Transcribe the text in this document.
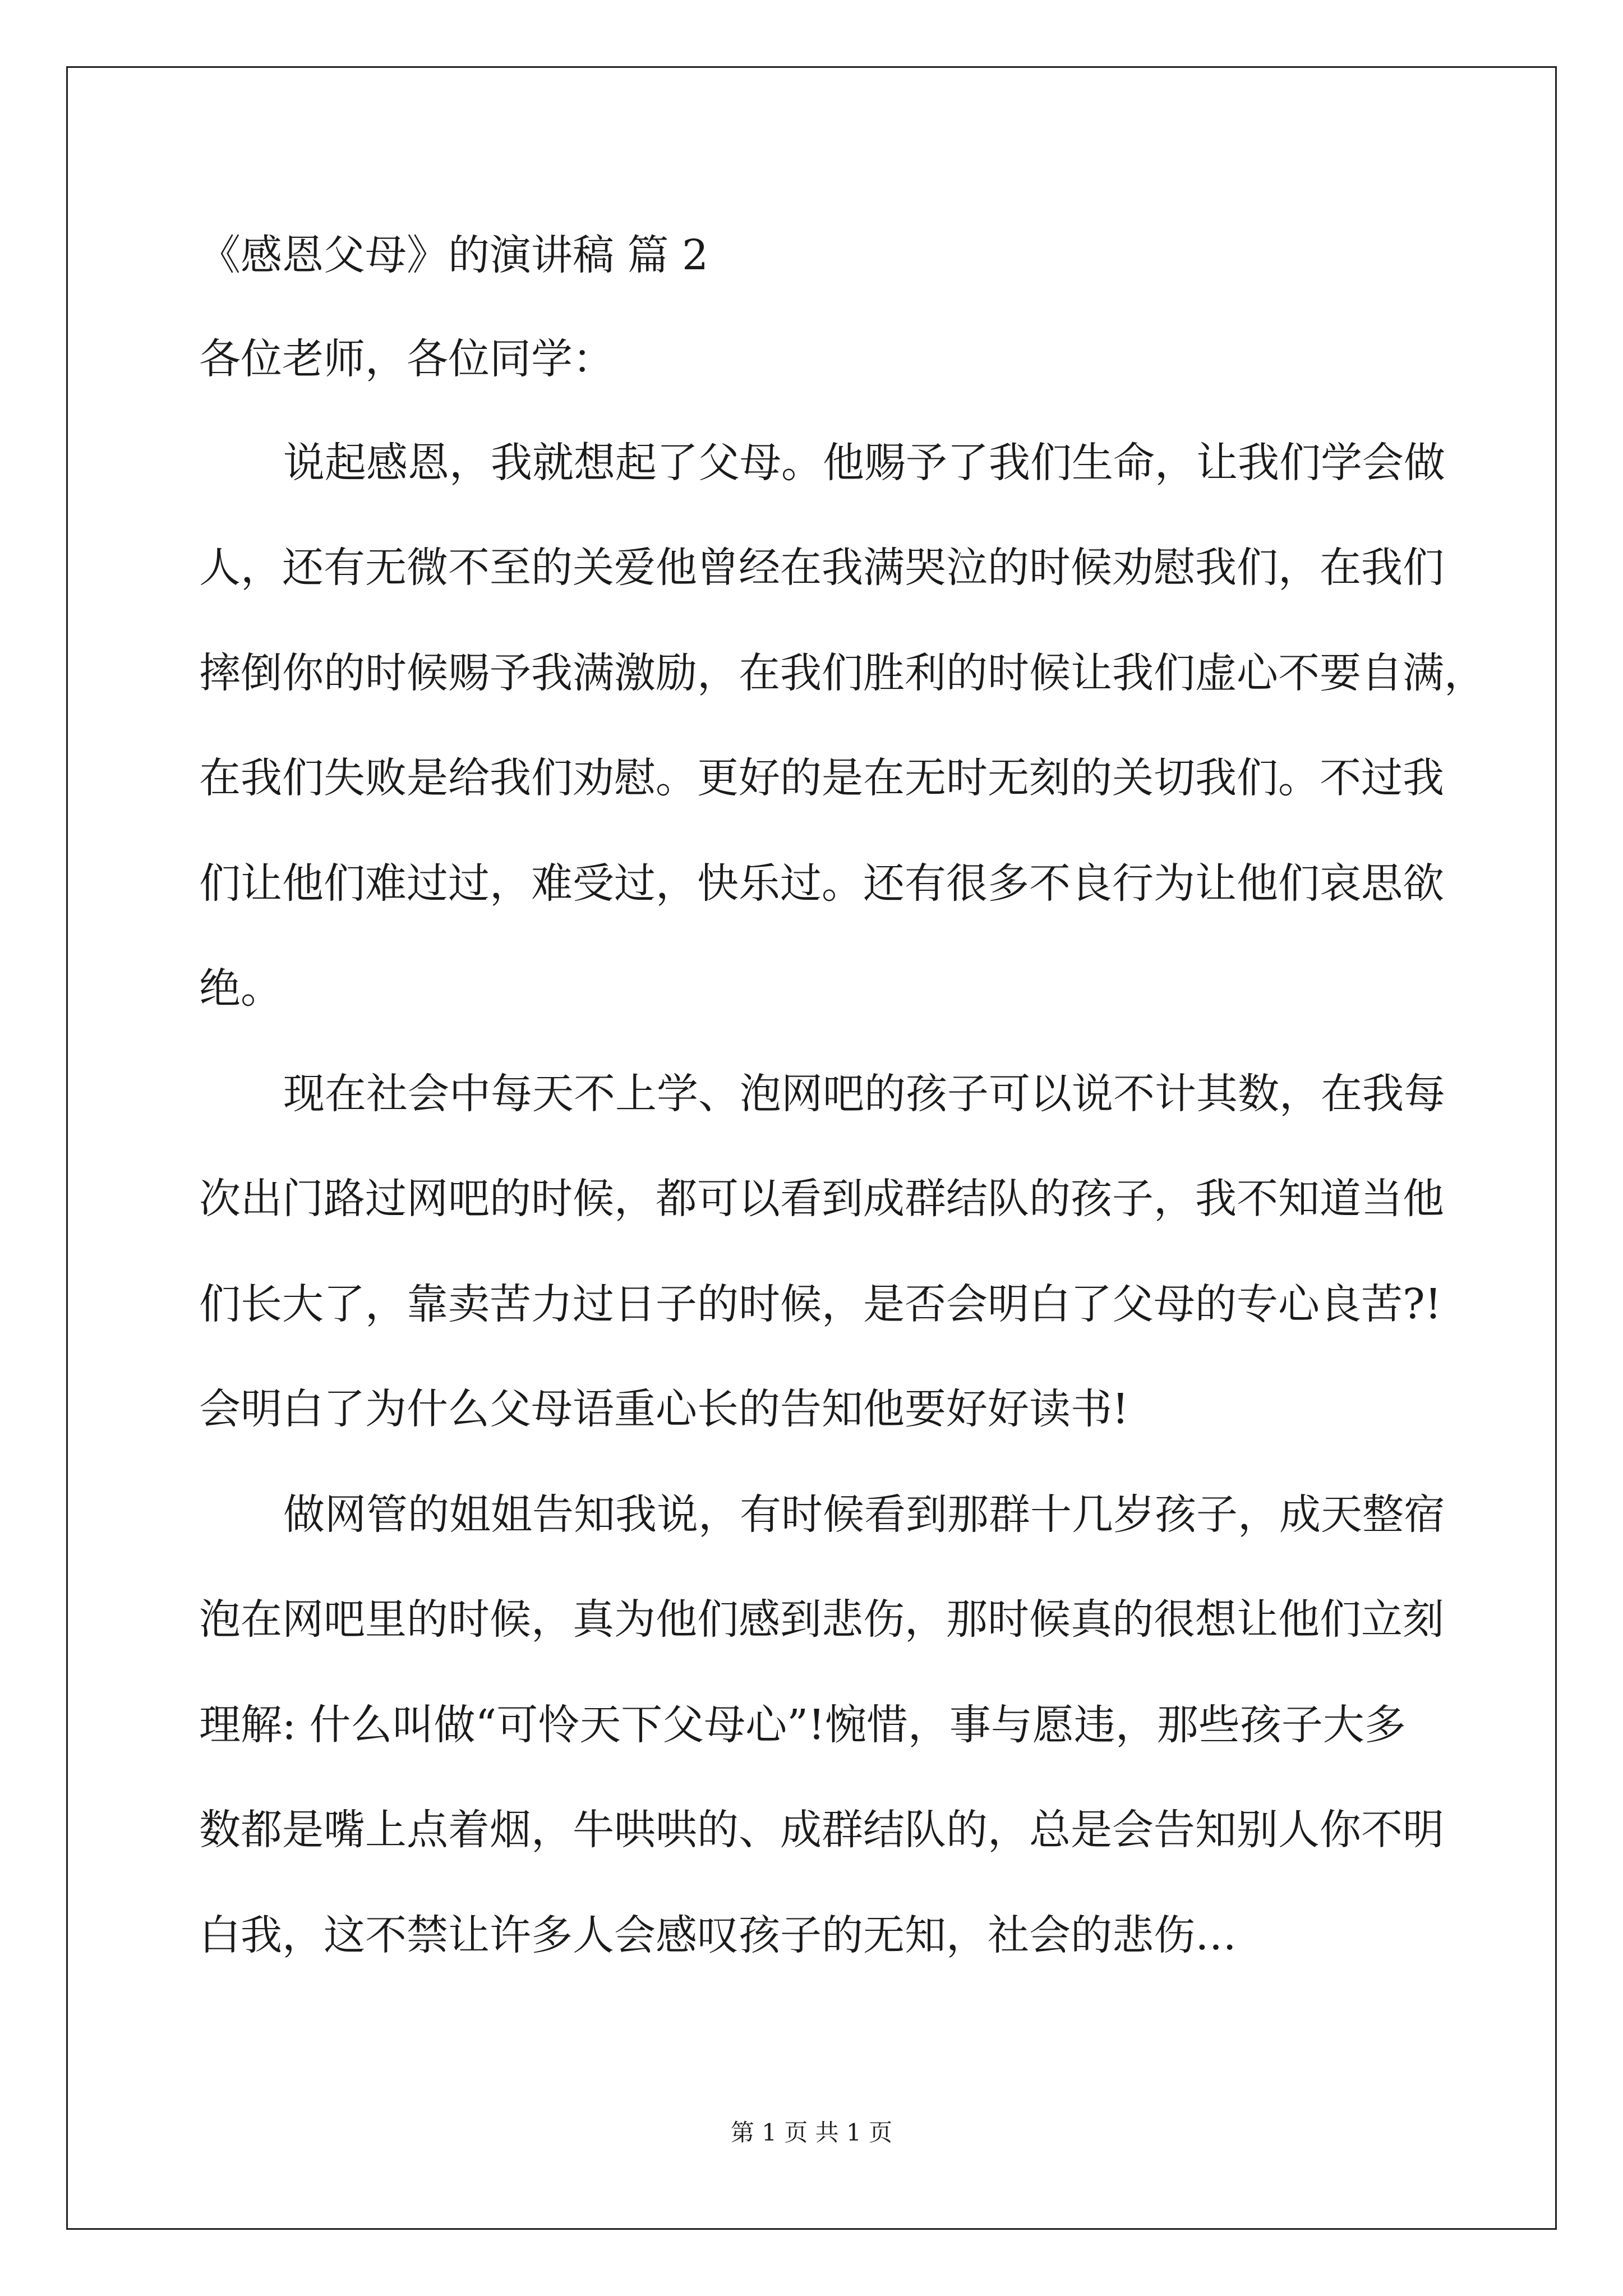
《感恩父母》的演讲稿 篇 2
各位老师，各位同学：
说起感恩，我就想起了父母。他赐予了我们生命，让我们学会做
人，还有无微不至的关爱他曾经在我满哭泣的时候劝慰我们，在我们
摔倒你的时候赐予我满激励，在我们胜利的时候让我们虚心不要自满，
在我们失败是给我们劝慰。更好的是在无时无刻的关切我们。不过我
们让他们难过过，难受过，快乐过。还有很多不良行为让他们哀思欲
绝。
现在社会中每天不上学、泡网吧的孩子可以说不计其数，在我每
次出门路过网吧的时候，都可以看到成群结队的孩子，我不知道当他
们长大了，靠卖苦力过日子的时候，是否会明白了父母的专心良苦?!
会明白了为什么父母语重心长的告知他要好好读书!
做网管的姐姐告知我说，有时候看到那群十几岁孩子，成天整宿
泡在网吧里的时候，真为他们感到悲伤，那时候真的很想让他们立刻
理解: 什么叫做“可怜天下父母心”!惋惜，事与愿违，那些孩子大多
数都是嘴上点着烟，牛哄哄的、成群结队的，总是会告知别人你不明
白我，这不禁让许多人会感叹孩子的无知，社会的悲伤…
第 1 页 共 1 页
